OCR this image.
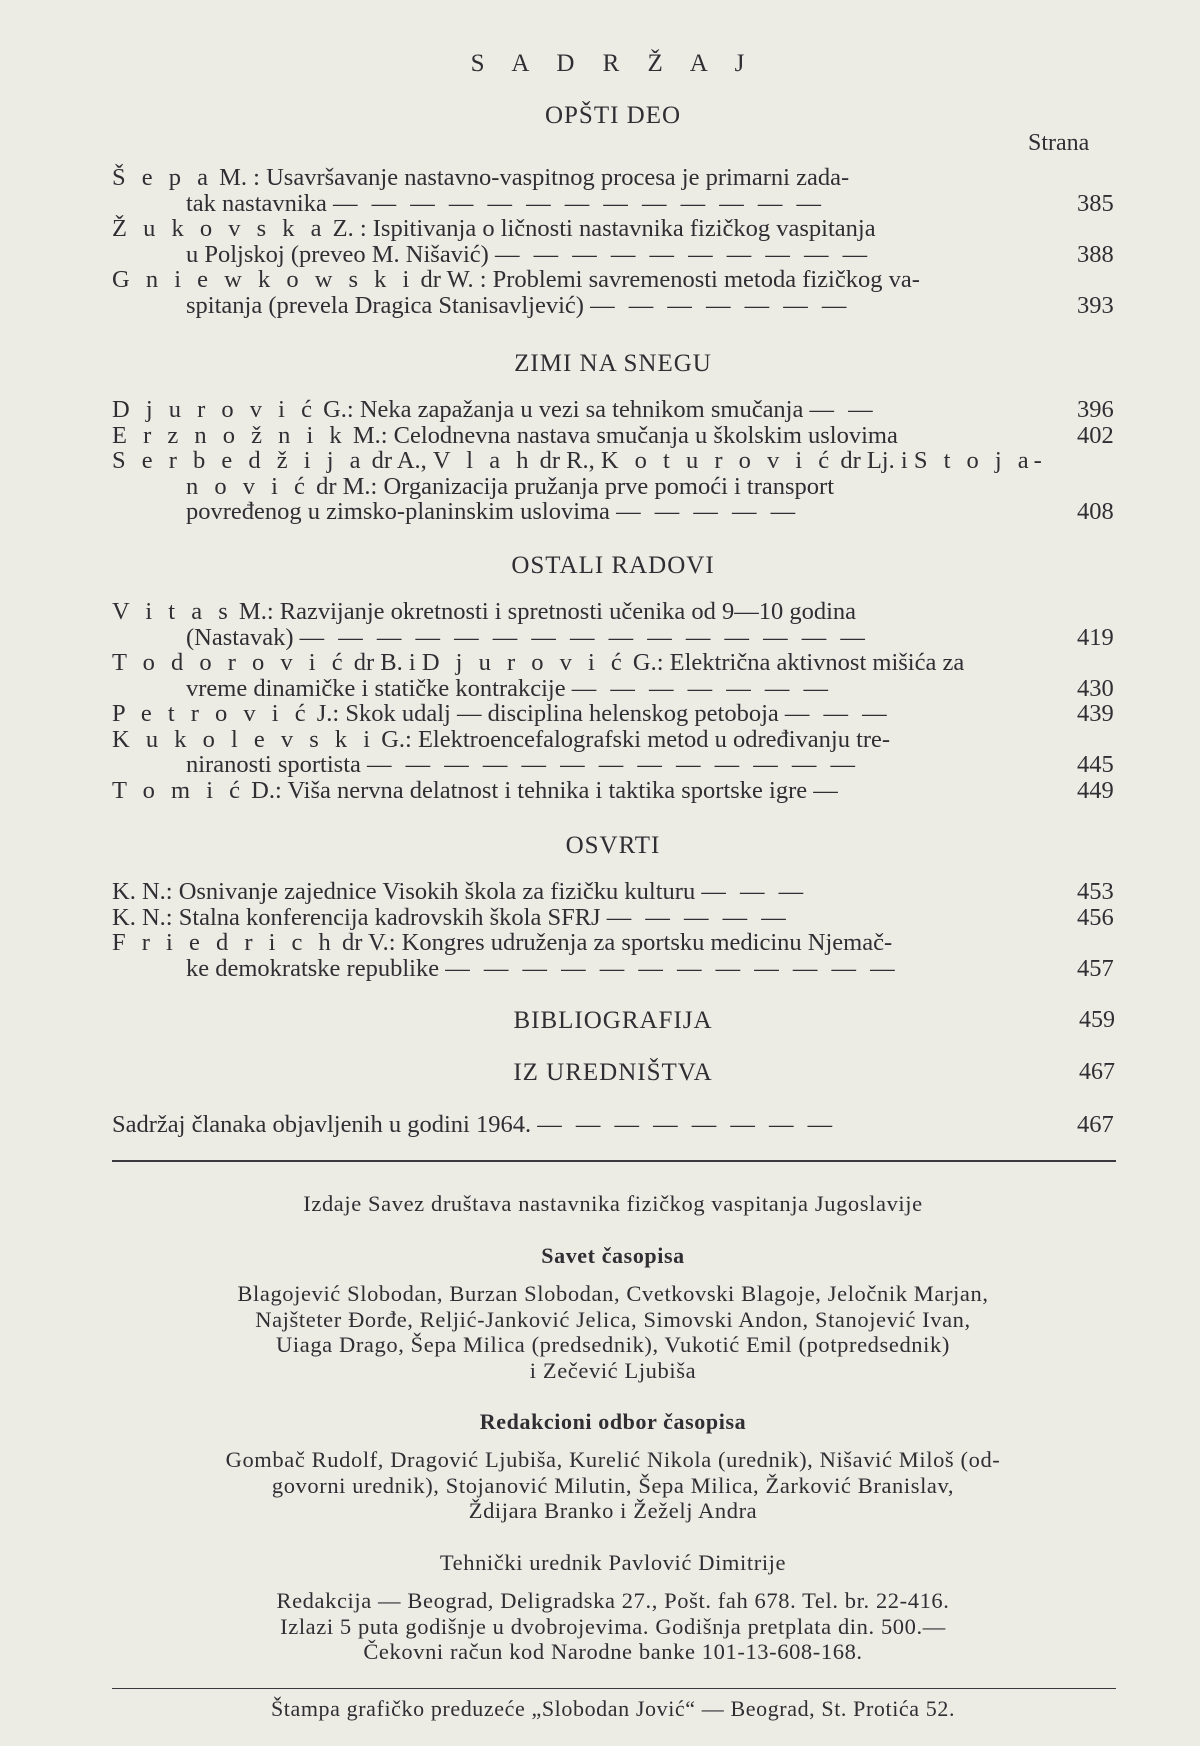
S A D R Ž A J
OPŠTI DEO
Strana
Š e p a M. : Usavršavanje nastavno-vaspitnog procesa je primarni zada-
tak nastavnika — — — — — — — — — — — — —	385
Ž u k o v s k a Z. : Ispitivanja o ličnosti nastavnika fizičkog vaspitanja
u Poljskoj (preveo M. Nišavić) — — — — — — — — — —	388
G n i e w k o w s k i dr W. : Problemi savremenosti metoda fizičkog va-
spitanja (prevela Dragica Stanisavljević) — — — — — — —	393
ZIMI NA SNEGU
D j u r o v i ć G.: Neka zapažanja u vezi sa tehnikom smučanja — —	396
E r z n o ž n i k M.: Celodnevna nastava smučanja u školskim uslovima	402
S e r b e d ž i j a dr A., V l a h dr R., K o t u r o v i ć dr Lj. i S t o j a-
n o v i ć dr M.: Organizacija pružanja prve pomoći i transport
povređenog u zimsko-planinskim uslovima — — — — —	408
OSTALI RADOVI
V i t a s M.: Razvijanje okretnosti i spretnosti učenika od 9—10 godina
(Nastavak) — — — — — — — — — — — — — — —	419
T o d o r o v i ć dr B. i D j u r o v i ć G.: Električna aktivnost mišića za
vreme dinamičke i statičke kontrakcije — — — — — — —	430
P e t r o v i ć J.: Skok udalj — disciplina helenskog petoboja — — —	439
K u k o l e v s k i G.: Elektroencefalografski metod u određivanju tre-
niranosti sportista — — — — — — — — — — — — —	445
T o m i ć D.: Viša nervna delatnost i tehnika i taktika sportske igre —	449
OSVRTI
K. N.: Osnivanje zajednice Visokih škola za fizičku kulturu — — —	453
K. N.: Stalna konferencija kadrovskih škola SFRJ — — — — —	456
F r i e d r i c h dr V.: Kongres udruženja za sportsku medicinu Njemač-
ke demokratske republike — — — — — — — — — — — —	457
BIBLIOGRAFIJA	459
IZ UREDNIŠTVA	467
Sadržaj članaka objavljenih u godini 1964. — — — — — — — —	467
Izdaje Savez društava nastavnika fizičkog vaspitanja Jugoslavije
Savet časopisa
Blagojević Slobodan, Burzan Slobodan, Cvetkovski Blagoje, Jeločnik Marjan,
Najšteter Đorđe, Reljić-Janković Jelica, Simovski Andon, Stanojević Ivan,
Uiaga Drago, Šepa Milica (predsednik), Vukotić Emil (potpredsednik)
i Zečević Ljubiša
Redakcioni odbor časopisa
Gombač Rudolf, Dragović Ljubiša, Kurelić Nikola (urednik), Nišavić Miloš (od-
govorni urednik), Stojanović Milutin, Šepa Milica, Žarković Branislav,
Ždijara Branko i Žeželj Andra
Tehnički urednik Pavlović Dimitrije
Redakcija — Beograd, Deligradska 27., Pošt. fah 678. Tel. br. 22-416.
Izlazi 5 puta godišnje u dvobrojevima. Godišnja pretplata din. 500.—
Čekovni račun kod Narodne banke 101-13-608-168.
Štampa grafičko preduzeće „Slobodan Jović“ — Beograd, St. Protića 52.
